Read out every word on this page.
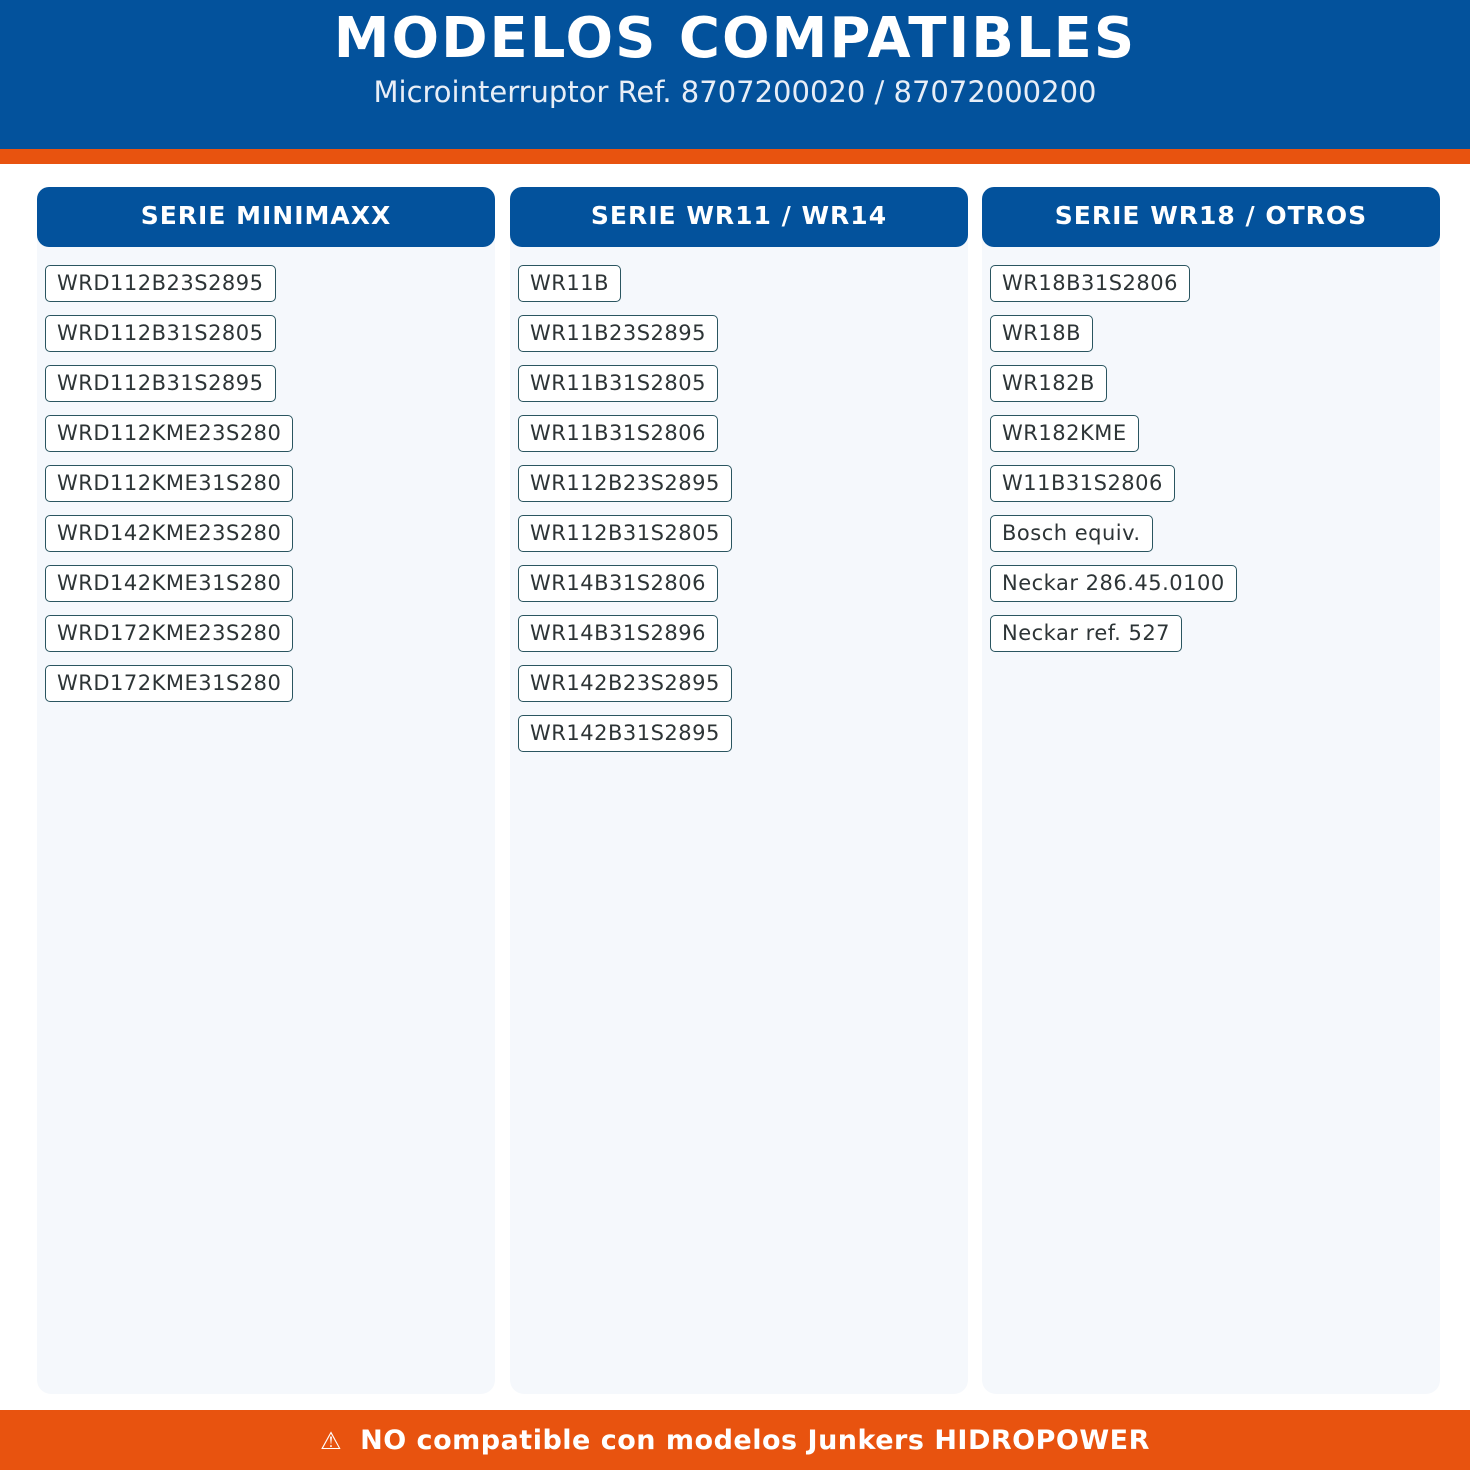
MODELOS COMPATIBLES
Microinterruptor Ref. 8707200020 / 87072000200
SERIE MINIMAXX
WRD112B23S2895
WRD112B31S2805
WRD112B31S2895
WRD112KME23S280
WRD112KME31S280
WRD142KME23S280
WRD142KME31S280
WRD172KME23S280
WRD172KME31S280
SERIE WR11 / WR14
WR11B
WR11B23S2895
WR11B31S2805
WR11B31S2806
WR112B23S2895
WR112B31S2805
WR14B31S2806
WR14B31S2896
WR142B23S2895
WR142B31S2895
SERIE WR18 / OTROS
WR18B31S2806
WR18B
WR182B
WR182KME
W11B31S2806
Bosch equiv.
Neckar 286.45.0100
Neckar ref. 527
⚠ NO compatible con modelos Junkers HIDROPOWER
